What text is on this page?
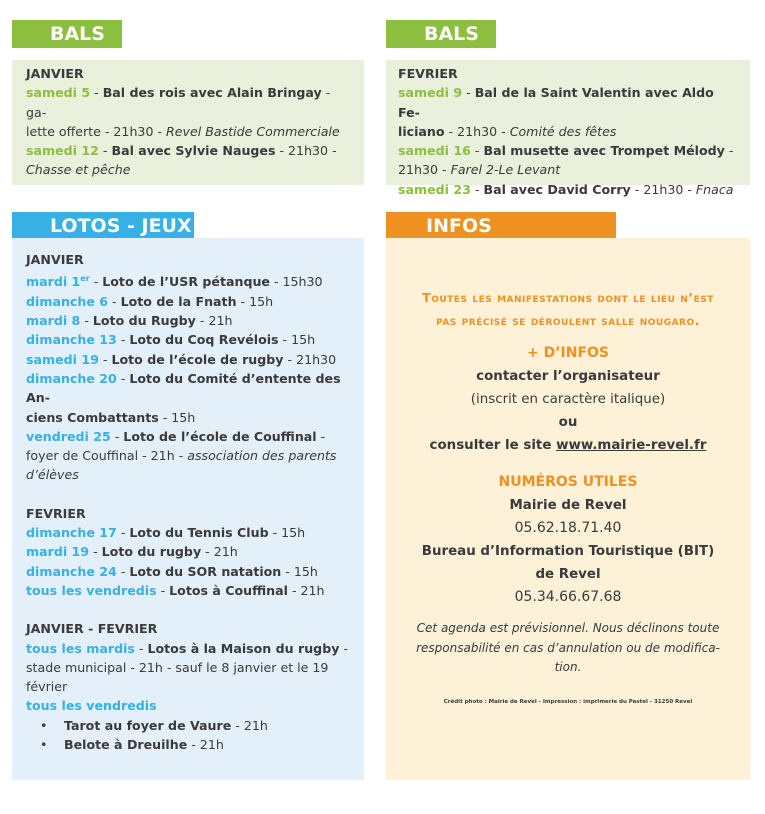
BALS

JANVIER

samedi 5 - Bal des rois avec Alain Bringay - ga-

lette offerte - 21h30 - Revel Bastide Commerciale

samedi 12 - Bal avec Sylvie Nauges - 21h30 -

Chasse et pêche

BALS

FEVRIER

samedi 9 - Bal de la Saint Valentin avec Aldo Fe-

liciano - 21h30 - Comité des fêtes

samedi 16 - Bal musette avec Trompet Mélody -

21h30 - Farel 2-Le Levant

samedi 23 - Bal avec David Corry - 21h30 - Fnaca

LOTOS - JEUX

JANVIER

mardi 1er - Loto de l’USR pétanque - 15h30

dimanche 6 - Loto de la Fnath - 15h

mardi 8 - Loto du Rugby - 21h

dimanche 13 - Loto du Coq Revélois - 15h

samedi 19 - Loto de l’école de rugby - 21h30

dimanche 20 - Loto du Comité d’entente des An-

ciens Combattants - 15h

vendredi 25 - Loto de l’école de Couffinal -

foyer de Couffinal - 21h - association des parents

d’élèves

FEVRIER

dimanche 17 - Loto du Tennis Club - 15h

mardi 19 - Loto du rugby - 21h

dimanche 24 - Loto du SOR natation - 15h

tous les vendredis - Lotos à Couffinal - 21h

JANVIER - FEVRIER

tous les mardis - Lotos à la Maison du rugby -

stade municipal - 21h - sauf le 8 janvier et le 19

février

tous les vendredis

• Tarot au foyer de Vaure - 21h

• Belote à Dreuilhe - 21h

INFOS

Toutes les manifestations dont le lieu n’est

pas précisé se déroulent salle nougaro.

+ D’INFOS

contacter l’organisateur

(inscrit en caractère italique)

ou

consulter le site www.mairie-revel.fr

NUMÉROS UTILES

Mairie de Revel

05.62.18.71.40

Bureau d’Information Touristique (BIT)

de Revel

05.34.66.67.68

Cet agenda est prévisionnel. Nous déclinons toute

responsabilité en cas d’annulation ou de modifica-

tion.

Crédit photo : Mairie de Revel - Impression : imprimerie du Pastel - 31250 Revel
